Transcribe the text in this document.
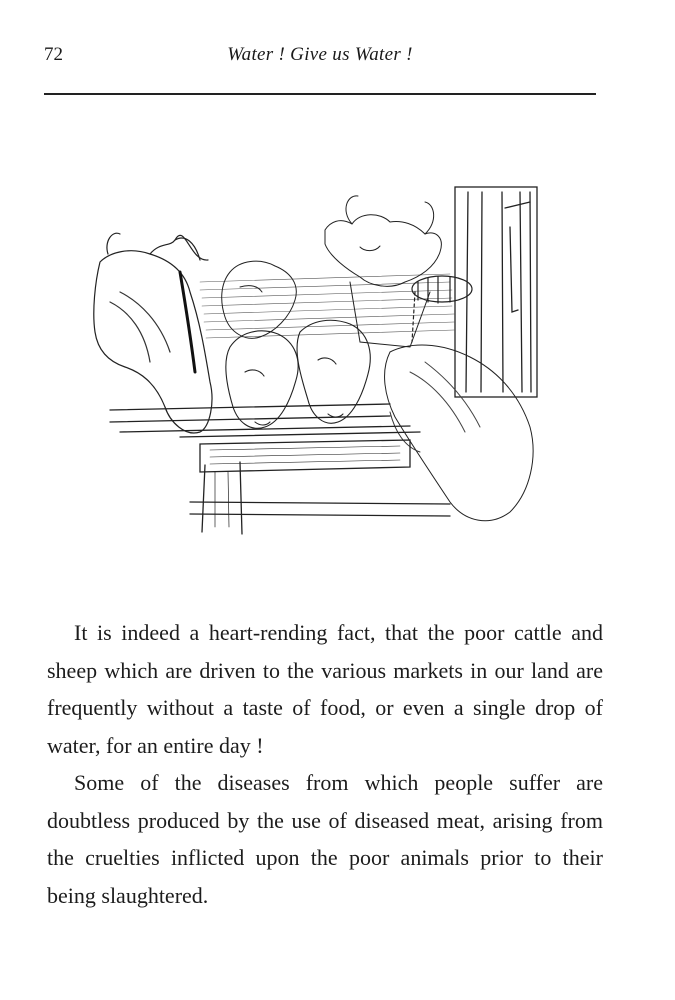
72	Water ! Give us Water !

It is indeed a heart-rending fact, that the poor cattle and sheep which are driven to the various markets in our land are frequently without a taste of food, or even a single drop of water, for an entire day !

Some of the diseases from which people suffer are doubtless produced by the use of diseased meat, arising from the cruelties inflicted upon the poor animals prior to their being slaughtered.
